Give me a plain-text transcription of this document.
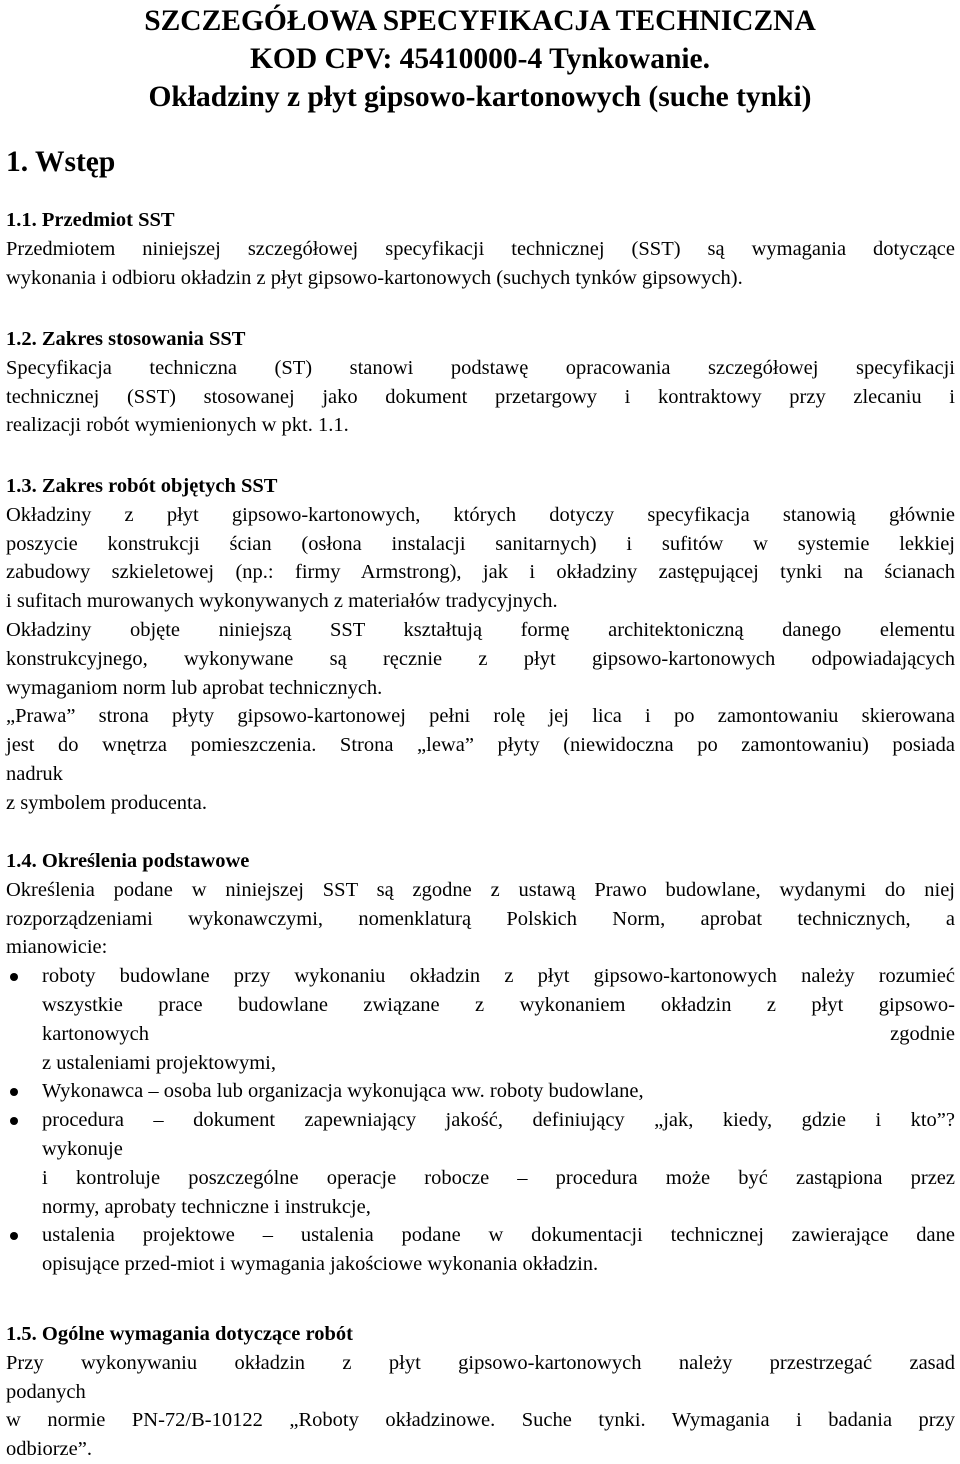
SZCZEGÓŁOWA SPECYFIKACJA TECHNICZNA
KOD CPV: 45410000-4 Tynkowanie.
Okładziny z płyt gipsowo-kartonowych (suche tynki)
1. Wstęp
1.1. Przedmiot SST
Przedmiotem niniejszej szczegółowej specyfikacji technicznej (SST) są wymagania dotyczące
wykonania i odbioru okładzin z płyt gipsowo-kartonowych (suchych tynków gipsowych).
1.2. Zakres stosowania SST
Specyfikacja techniczna (ST) stanowi podstawę opracowania szczegółowej specyfikacji
technicznej (SST) stosowanej jako dokument przetargowy i kontraktowy przy zlecaniu i
realizacji robót wymienionych w pkt. 1.1.
1.3. Zakres robót objętych SST
Okładziny z płyt gipsowo-kartonowych, których dotyczy specyfikacja stanowią głównie
poszycie konstrukcji ścian (osłona instalacji sanitarnych) i sufitów w systemie lekkiej
zabudowy szkieletowej (np.: firmy Armstrong), jak i okładziny zastępującej tynki na ścianach
i sufitach murowanych wykonywanych z materiałów tradycyjnych.
Okładziny objęte niniejszą SST kształtują formę architektoniczną danego elementu
konstrukcyjnego, wykonywane są ręcznie z płyt gipsowo-kartonowych odpowiadających
wymaganiom norm lub aprobat technicznych.
„Prawa” strona płyty gipsowo-kartonowej pełni rolę jej lica i po zamontowaniu skierowana
jest do wnętrza pomieszczenia. Strona „lewa” płyty (niewidoczna po zamontowaniu) posiada
nadruk
z symbolem producenta.
1.4. Określenia podstawowe
Określenia podane w niniejszej SST są zgodne z ustawą Prawo budowlane, wydanymi do niej
rozporządzeniami wykonawczymi, nomenklaturą Polskich Norm, aprobat technicznych, a
mianowicie:
roboty budowlane przy wykonaniu okładzin z płyt gipsowo-kartonowych należy rozumieć
wszystkie prace budowlane związane z wykonaniem okładzin z płyt gipsowo-
kartonowych zgodnie
z ustaleniami projektowymi,
Wykonawca – osoba lub organizacja wykonująca ww. roboty budowlane,
procedura – dokument zapewniający jakość, definiujący „jak, kiedy, gdzie i kto”?
wykonuje
i kontroluje poszczególne operacje robocze – procedura może być zastąpiona przez
normy, aprobaty techniczne i instrukcje,
ustalenia projektowe – ustalenia podane w dokumentacji technicznej zawierające dane
opisujące przed-miot i wymagania jakościowe wykonania okładzin.
1.5. Ogólne wymagania dotyczące robót
Przy wykonywaniu okładzin z płyt gipsowo-kartonowych należy przestrzegać zasad
podanych
w normie PN-72/B-10122 „Roboty okładzinowe. Suche tynki. Wymagania i badania przy
odbiorze”.
